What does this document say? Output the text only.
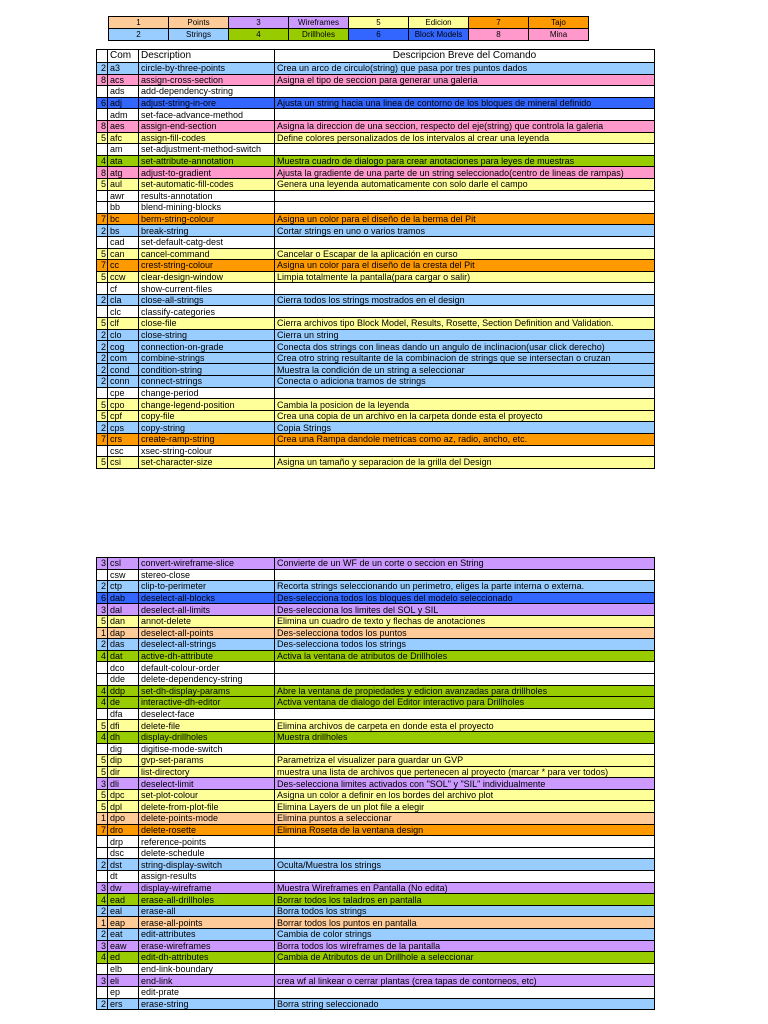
1	Points	3	Wireframes	5	Edicion	7	Tajo
2	Strings	4	Drillholes	6	Block Models	8	Mina
	Com	Description	Descripcion Breve del Comando
2	a3	circle-by-three-points	Crea un arco de circulo(string) que pasa por tres puntos dados
8	acs	assign-cross-section	Asigna el tipo de seccion para generar una galeria
	ads	add-dependency-string	
6	adj	adjust-string-in-ore	Ajusta un string hacia una linea de contorno de los bloques de mineral definido
	adm	set-face-advance-method	
8	aes	assign-end-section	Asigna la direccion de una seccion, respecto del eje(string) que controla la galeria
5	afc	assign-fill-codes	Define colores personalizados de los intervalos al crear una leyenda
	am	set-adjustment-method-switch	
4	ata	set-attribute-annotation	Muestra cuadro de dialogo para crear anotaciones para leyes de muestras
8	atg	adjust-to-gradient	Ajusta la gradiente de una parte de un string seleccionado(centro de lineas de rampas)
5	aul	set-automatic-fill-codes	Genera una leyenda automaticamente con solo darle el campo
	awr	results-annotation	
	bb	blend-mining-blocks	
7	bc	berm-string-colour	Asigna un color para el diseño de la berma del Pit
2	bs	break-string	Cortar strings en uno o varios tramos
	cad	set-default-catg-dest	
5	can	cancel-command	Cancelar o Escapar de la aplicación en curso
7	cc	crest-string-colour	Asigna un color para el diseño de la cresta del Pit
5	ccw	clear-design-window	Limpia totalmente la pantalla(para cargar o salir)
	cf	show-current-files	
2	cla	close-all-strings	Cierra todos los strings mostrados en el design
	clc	classify-categories	
5	clf	close-file	Cierra archivos tipo Block Model, Results, Rosette, Section Definition and Validation.
2	clo	close-string	Cierra un string
2	cog	connection-on-grade	Conecta dos strings con lineas dando un angulo de inclinacion(usar click derecho)
2	com	combine-strings	Crea otro string resultante de la combinacion de strings que se intersectan o cruzan
2	cond	condition-string	Muestra la condición de un string a seleccionar
2	conn	connect-strings	Conecta o adiciona tramos de strings
	cpe	change-period	
5	cpo	change-legend-position	Cambia la posicion de la leyenda
5	cpf	copy-file	Crea una copia de un archivo en la carpeta donde esta el proyecto
2	cps	copy-string	Copia Strings
7	crs	create-ramp-string	Crea una Rampa dandole metricas como az, radio, ancho, etc.
	csc	xsec-string-colour	
5	csi	set-character-size	Asigna un tamaño y separacion de la grilla del Design
3	csl	convert-wireframe-slice	Convierte de un WF de un corte o seccion en String
	csw	stereo-close	
2	ctp	clip-to-perimeter	Recorta strings seleccionando un perimetro, eliges la parte interna o externa.
6	dab	deselect-all-blocks	Des-selecciona todos los bloques del modelo seleccionado
3	dal	deselect-all-limits	Des-selecciona los limites del SOL y SIL
5	dan	annot-delete	Elimina un cuadro de texto y flechas de anotaciones
1	dap	deselect-all-points	Des-selecciona todos los puntos
2	das	deselect-all-strings	Des-selecciona todos los strings
4	dat	active-dh-attribute	Activa la ventana de atributos de Drillholes
	dco	default-colour-order	
	dde	delete-dependency-string	
4	ddp	set-dh-display-params	Abre la ventana de propiedades y edicion avanzadas para drillholes
4	de	interactive-dh-editor	Activa ventana de dialogo del Editor interactivo para Drillholes
	dfa	deselect-face	
5	dfi	delete-file	Elimina archivos de carpeta en donde esta el proyecto
4	dh	display-drillholes	Muestra drillholes
	dig	digitise-mode-switch	
5	dip	gvp-set-params	Parametriza el visualizer para guardar un GVP
5	dir	list-directory	muestra una lista de archivos que pertenecen al proyecto (marcar * para ver todos)
3	dli	deselect-limit	Des-selecciona limites activados con "SOL" y "SIL" individualmente
5	dpc	set-plot-colour	Asigna un color a definir en los bordes del archivo plot
5	dpl	delete-from-plot-file	Elimina Layers de un plot file a elegir
1	dpo	delete-points-mode	Elimina puntos a seleccionar
7	dro	delete-rosette	Elimina Roseta de la ventana design
	drp	reference-points	
	dsc	delete-schedule	
2	dst	string-display-switch	Oculta/Muestra los strings
	dt	assign-results	
3	dw	display-wireframe	Muestra Wireframes en Pantalla (No edita)
4	ead	erase-all-drillholes	Borrar todos los taladros en pantalla
2	eal	erase-all	Borra todos los strings
1	eap	erase-all-points	Borrar todos los puntos en pantalla
2	eat	edit-attributes	Cambia de color strings
3	eaw	erase-wireframes	Borra todos los wireframes de la pantalla
4	ed	edit-dh-attributes	Cambia de Atributos de un Drillhole a seleccionar
	elb	end-link-boundary	
3	eli	end-link	crea wf al linkear o cerrar plantas (crea tapas de contorneos, etc)
	ep	edit-prate	
2	ers	erase-string	Borra string seleccionado
